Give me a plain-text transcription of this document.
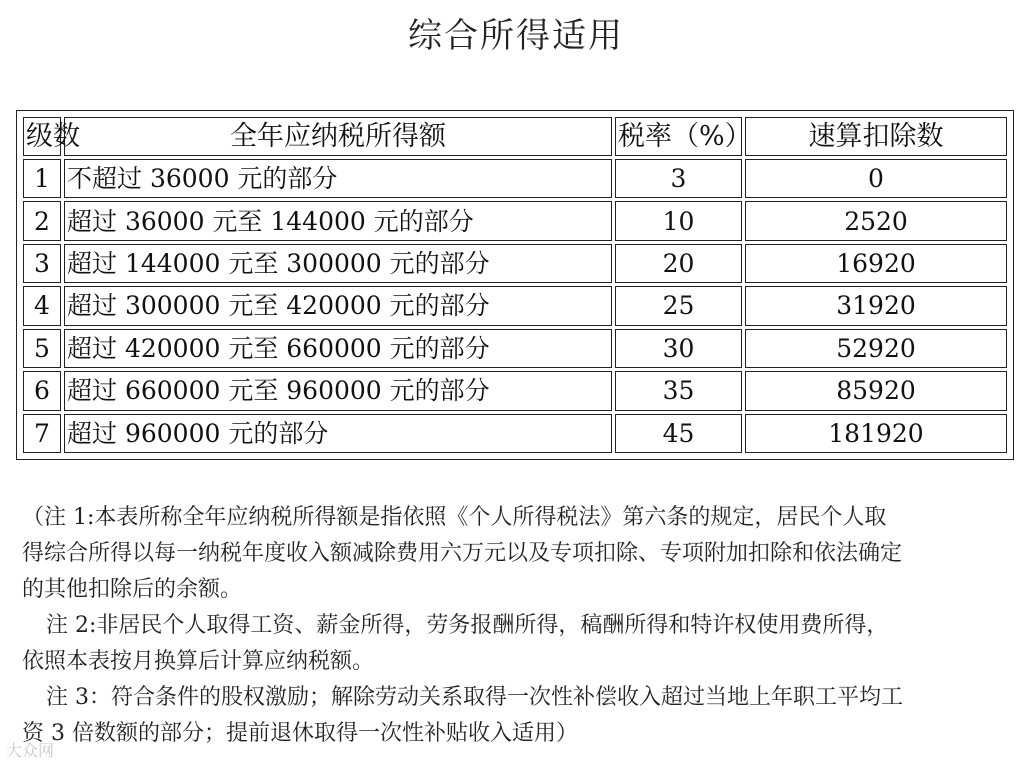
综合所得适用
级数	全年应纳税所得额	税率（%）	速算扣除数
1	不超过 36000 元的部分	3	0
2	超过 36000 元至 144000 元的部分	10	2520
3	超过 144000 元至 300000 元的部分	20	16920
4	超过 300000 元至 420000 元的部分	25	31920
5	超过 420000 元至 660000 元的部分	30	52920
6	超过 660000 元至 960000 元的部分	35	85920
7	超过 960000 元的部分	45	181920

（注 1:本表所称全年应纳税所得额是指依照《个人所得税法》第六条的规定，居民个人取

得综合所得以每一纳税年度收入额减除费用六万元以及专项扣除、专项附加扣除和依法确定

的其他扣除后的余额。

注 2:非居民个人取得工资、薪金所得，劳务报酬所得，稿酬所得和特许权使用费所得，

依照本表按月换算后计算应纳税额。

注 3：符合条件的股权激励；解除劳动关系取得一次性补偿收入超过当地上年职工平均工

资 3 倍数额的部分；提前退休取得一次性补贴收入适用）

大众网
